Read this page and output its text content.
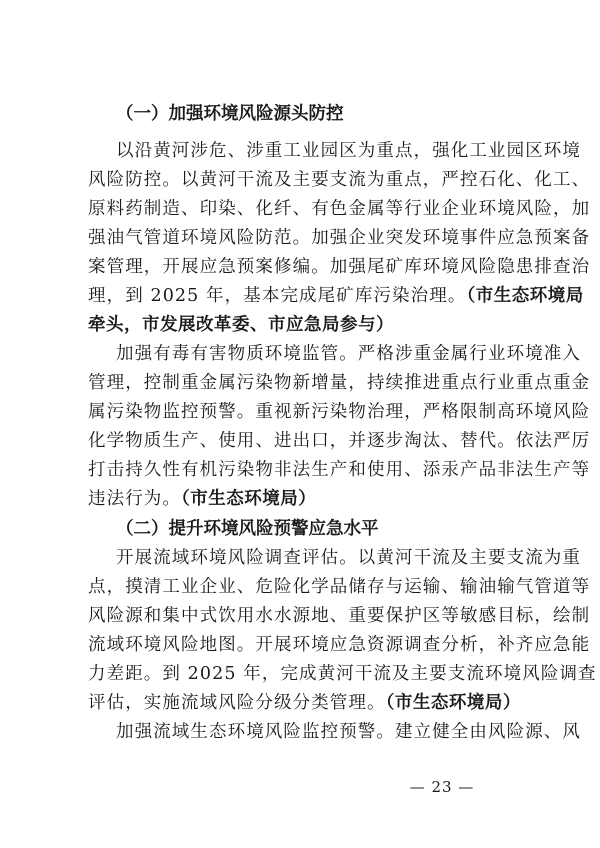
（一）加强环境风险源头防控
以沿黄河涉危、涉重工业园区为重点，强化工业园区环境
风险防控。以黄河干流及主要支流为重点，严控石化、化工、
原料药制造、印染、化纤、有色金属等行业企业环境风险，加
强油气管道环境风险防范。加强企业突发环境事件应急预案备
案管理，开展应急预案修编。加强尾矿库环境风险隐患排查治
理，到 2025 年，基本完成尾矿库污染治理。（市生态环境局
牵头，市发展改革委、市应急局参与）
加强有毒有害物质环境监管。严格涉重金属行业环境准入
管理，控制重金属污染物新增量，持续推进重点行业重点重金
属污染物监控预警。重视新污染物治理，严格限制高环境风险
化学物质生产、使用、进出口，并逐步淘汰、替代。依法严厉
打击持久性有机污染物非法生产和使用、添汞产品非法生产等
违法行为。（市生态环境局）
（二）提升环境风险预警应急水平
开展流域环境风险调查评估。以黄河干流及主要支流为重
点，摸清工业企业、危险化学品储存与运输、输油输气管道等
风险源和集中式饮用水水源地、重要保护区等敏感目标，绘制
流域环境风险地图。开展环境应急资源调查分析，补齐应急能
力差距。到 2025 年，完成黄河干流及主要支流环境风险调查
评估，实施流域风险分级分类管理。（市生态环境局）
加强流域生态环境风险监控预警。建立健全由风险源、风
— 23 —
